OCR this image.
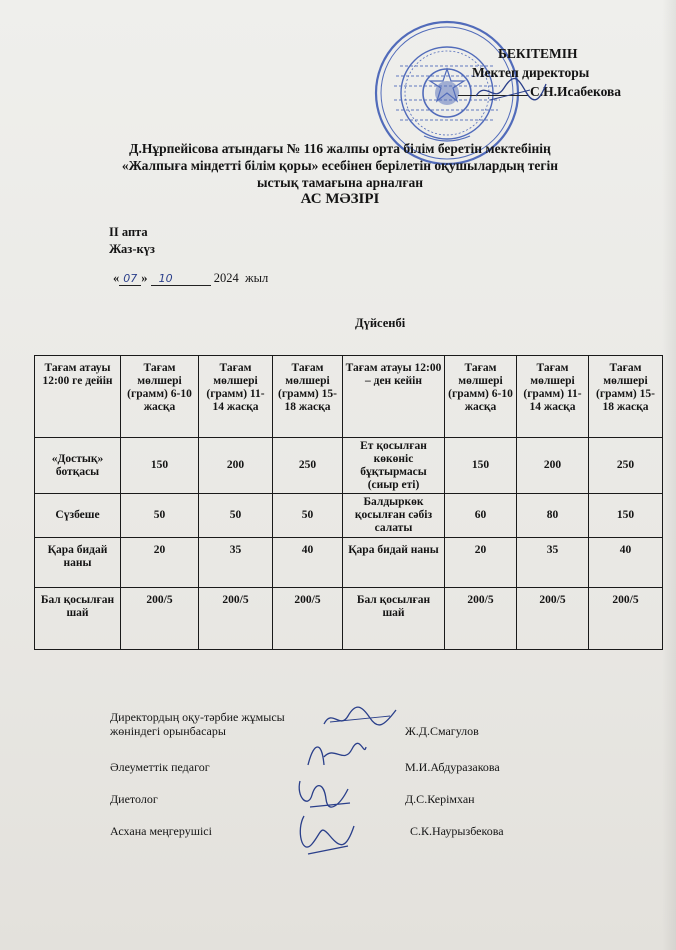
БЕКІТЕМІН
Мектеп директоры
С.Н.Исабекова
Д.Нұрпейісова атындағы № 116 жалпы орта білім беретін мектебінің
«Жалпыға міндетті білім қоры» есебінен берілетін оқушылардың тегін
ыстық тамағына арналған
АС МӘЗІРІ
II апта
Жаз-күз
« 07 » 10	2024 жыл
Дүйсенбі
Тағам атауы 12:00 ге дейін	Тағам мөлшері (грамм) 6-10 жасқа	Тағам мөлшері (грамм) 11-14 жасқа	Тағам мөлшері (грамм) 15-18 жасқа	Тағам атауы 12:00 – ден кейін	Тағам мөлшері (грамм) 6-10 жасқа	Тағам мөлшері (грамм) 11-14 жасқа	Тағам мөлшері (грамм) 15-18 жасқа
«Достық» ботқасы	150	200	250	Ет қосылған көкөніс бұқтырмасы (сиыр еті)	150	200	250
Сүзбеше	50	50	50	Балдыркөк қосылған сәбіз салаты	60	80	150
Қара бидай наны	20	35	40	Қара бидай наны	20	35	40
Бал қосылған шай	200/5	200/5	200/5	Бал қосылған шай	200/5	200/5	200/5
Директордың оқу-тәрбие жұмысы жөніндегі орынбасары	Ж.Д.Смагулов
Әлеуметтік педагог	М.И.Абдуразакова
Диетолог	Д.С.Керімхан
Асхана меңгерушісі	С.К.Наурызбекова
